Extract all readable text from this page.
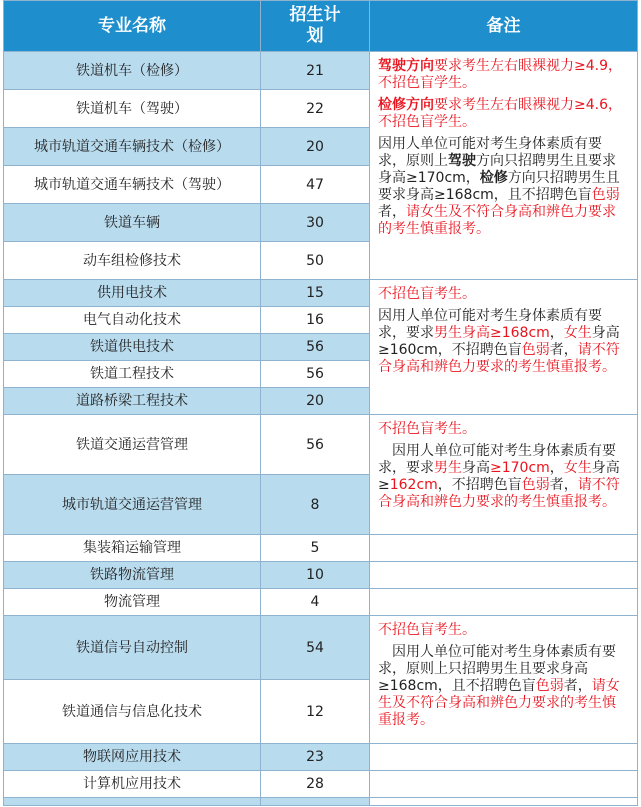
专业名称	招生计划	备注
铁道机车（检修）	21	驾驶方向要求考生左右眼裸视力≥4.9，不招色盲学生。

检修方向要求考生左右眼裸视力≥4.6，不招色盲学生。

因用人单位可能对考生身体素质有要求，原则上驾驶方向只招聘男生且要求身高≥170cm，检修方向只招聘男生且要求身高≥168cm，且不招聘色盲色弱者，请女生及不符合身高和辨色力要求的考生慎重报考。

铁道机车（驾驶）	22	

城市轨道交通车辆技术（检修）	20	

城市轨道交通车辆技术（驾驶）	47	
铁道车辆	30	
动车组检修技术	50	
供用电技术	15	不招色盲考生。

因用人单位可能对考生身体素质有要求，要求男生身高≥168cm，女生身高≥160cm，不招聘色盲色弱者，请不符合身高和辨色力要求的考生慎重报考。

电气自动化技术	16	
铁道供电技术	56	
铁道工程技术	56	
道路桥梁工程技术	20	
铁道交通运营管理	56	不招色盲考生。

因用人单位可能对考生身体素质有要求，要求男生身高≥170cm，女生身高≥162cm，不招聘色盲色弱者，请不符合身高和辨色力要求的考生慎重报考。

城市轨道交通运营管理	8	
集装箱运输管理	5	
铁路物流管理	10	
物流管理	4	
铁道信号自动控制	54	不招色盲考生。

因用人单位可能对考生身体素质有要求，原则上只招聘男生且要求身高≥168cm，且不招聘色盲色弱者，请女生及不符合身高和辨色力要求的考生慎重报考。

铁道通信与信息化技术	12	
物联网应用技术	23	
计算机应用技术	28	
